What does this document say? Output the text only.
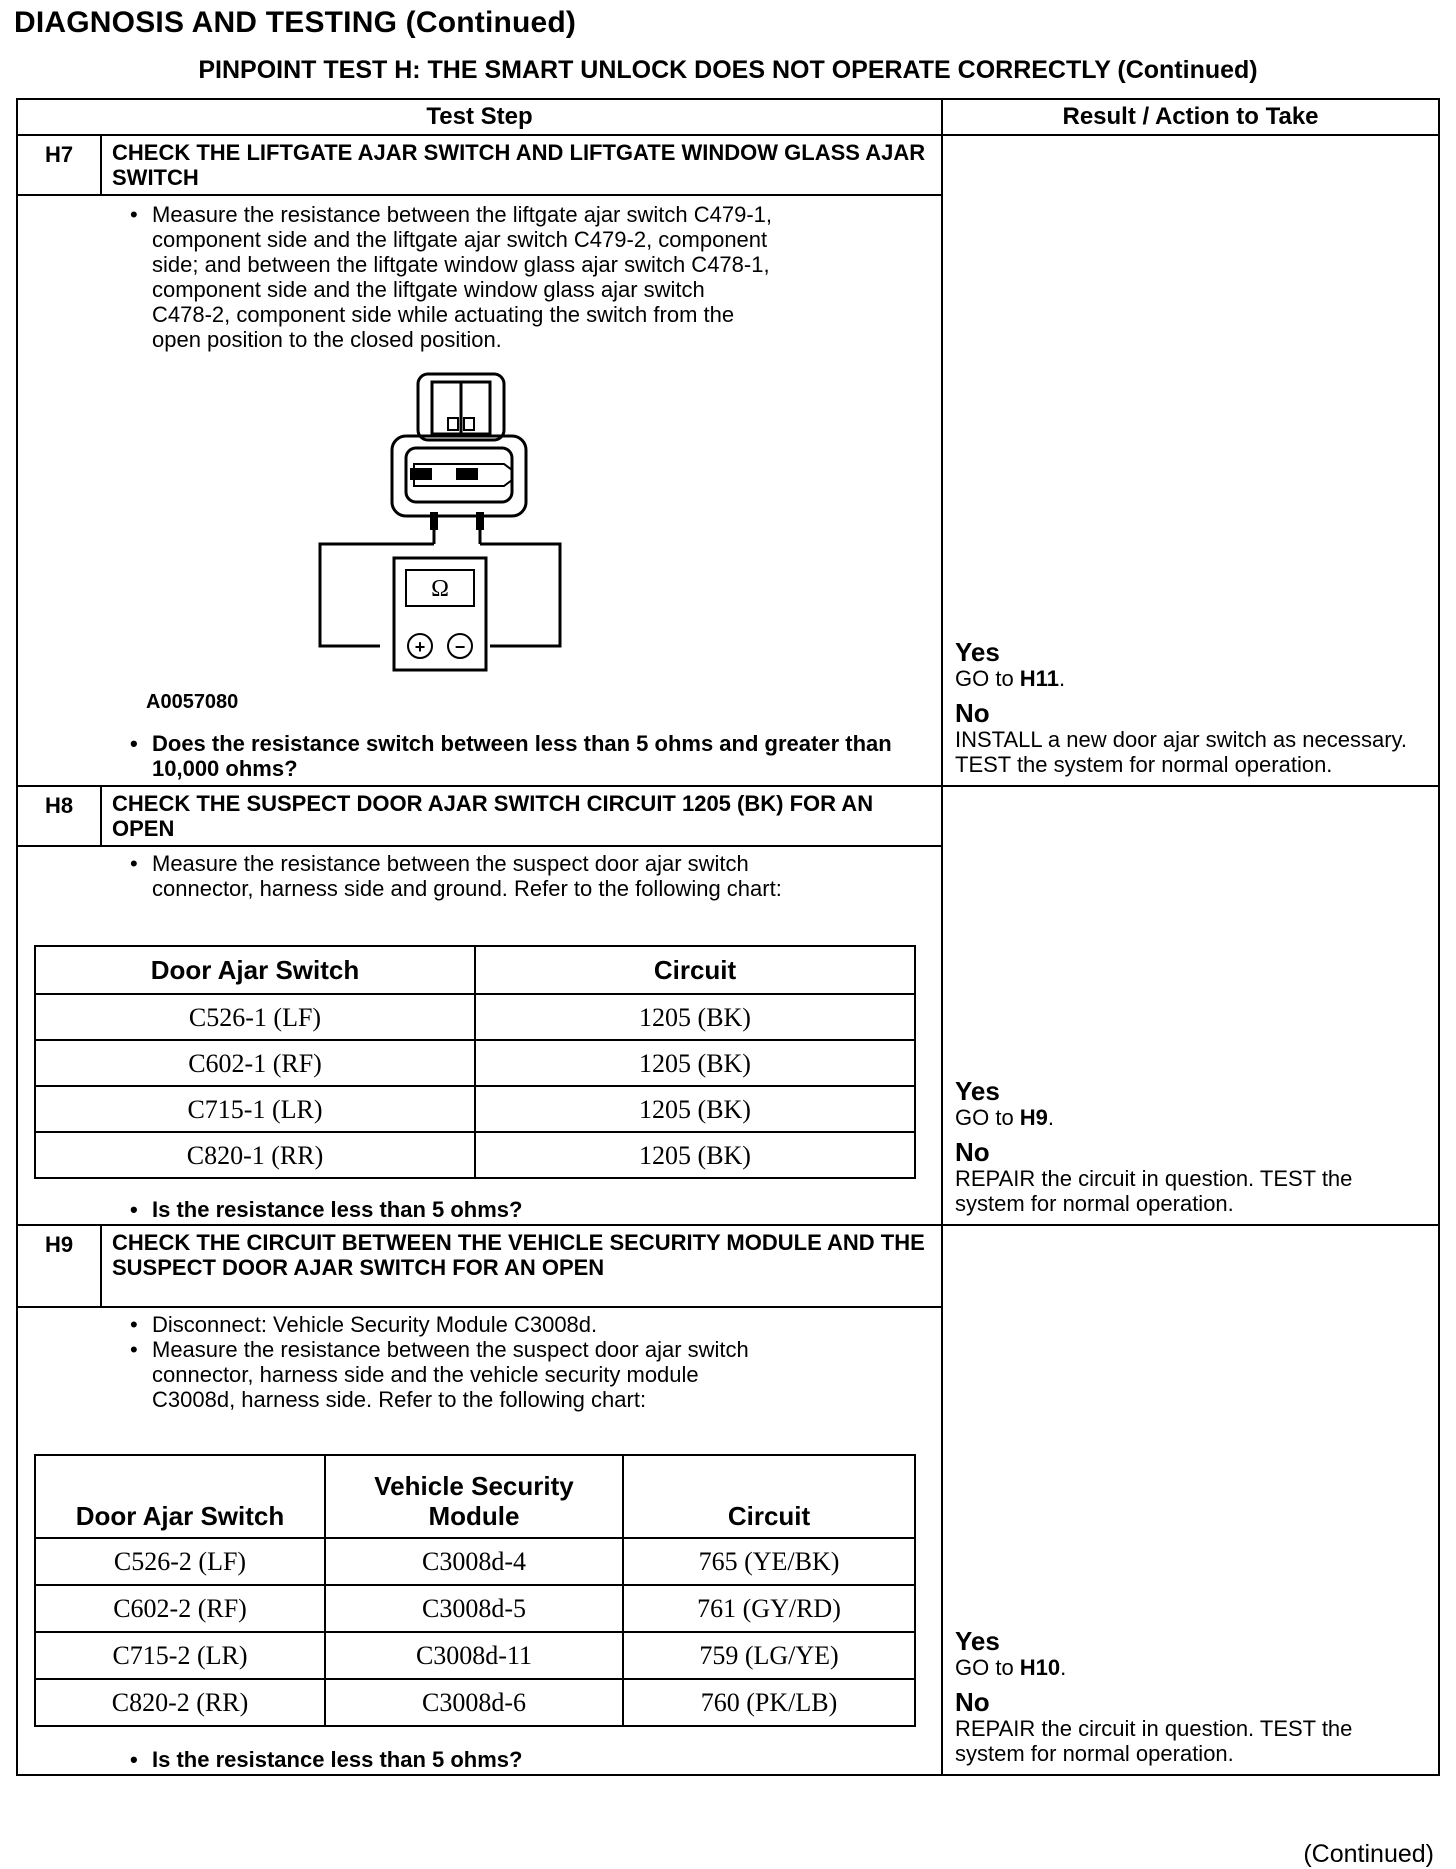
DIAGNOSIS AND TESTING (Continued)
PINPOINT TEST H: THE SMART UNLOCK DOES NOT OPERATE CORRECTLY (Continued)
Test Step	Result / Action to Take
H7	CHECK THE LIFTGATE AJAR SWITCH AND LIFTGATE WINDOW GLASS AJAR SWITCH	
Yes
GO to H11.
No
INSTALL a new door ajar switch as necessary. TEST the system for normal operation.

• Measure the resistance between the liftgate ajar switch C479-1,
component side and the liftgate ajar switch C479-2, component
side; and between the liftgate window glass ajar switch C478-1,
component side and the liftgate window glass ajar switch
C478-2, component side while actuating the switch from the
open position to the closed position.
Ω
+ −
A0057080
• Does the resistance switch between less than 5 ohms and greater than 10,000 ohms?

H8	CHECK THE SUSPECT DOOR AJAR SWITCH CIRCUIT 1205 (BK) FOR AN OPEN	
Yes
GO to H9.
No
REPAIR the circuit in question. TEST the system for normal operation.

• Measure the resistance between the suspect door ajar switch
connector, harness side and ground. Refer to the following chart:
Door Ajar Switch	Circuit
C526-1 (LF)	1205 (BK)
C602-1 (RF)	1205 (BK)
C715-1 (LR)	1205 (BK)
C820-1 (RR)	1205 (BK)
• Is the resistance less than 5 ohms?

H9	CHECK THE CIRCUIT BETWEEN THE VEHICLE SECURITY MODULE AND THE SUSPECT DOOR AJAR SWITCH FOR AN OPEN	
Yes
GO to H10.
No
REPAIR the circuit in question. TEST the system for normal operation.

• Disconnect: Vehicle Security Module C3008d.
• Measure the resistance between the suspect door ajar switch
connector, harness side and the vehicle security module
C3008d, harness side. Refer to the following chart:
Door Ajar Switch	Vehicle Security Module	Circuit
C526-2 (LF)	C3008d-4	765 (YE/BK)
C602-2 (RF)	C3008d-5	761 (GY/RD)
C715-2 (LR)	C3008d-11	759 (LG/YE)
C820-2 (RR)	C3008d-6	760 (PK/LB)
• Is the resistance less than 5 ohms?
(Continued)
